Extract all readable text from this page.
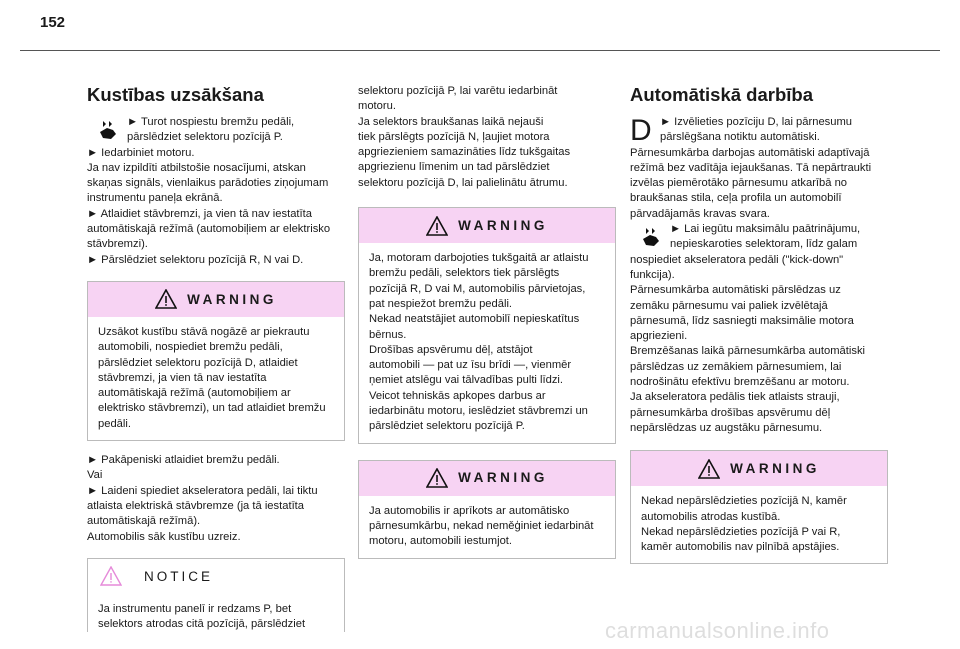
152
Kustības uzsākšana
► Turot nospiestu bremžu pedāli,
pārslēdziet selektoru pozīcijā P.
► Iedarbiniet motoru.
Ja nav izpildīti atbilstošie nosacījumi, atskan
skaņas signāls, vienlaikus parādoties ziņojumam
instrumentu paneļa ekrānā.
► Atlaidiet stāvbremzi, ja vien tā nav iestatīta
automātiskajā režīmā (automobiļiem ar elektrisko
stāvbremzi).
► Pārslēdziet selektoru pozīcijā R, N vai D.
WARNING
Uzsākot kustību stāvā nogāzē ar piekrautu
automobili, nospiediet bremžu pedāli,
pārslēdziet selektoru pozīcijā D, atlaidiet
stāvbremzi, ja vien tā nav iestatīta
automātiskajā režīmā (automobiļiem ar
elektrisko stāvbremzi), un tad atlaidiet bremžu
pedāli.
► Pakāpeniski atlaidiet bremžu pedāli.
Vai
► Laideni spiediet akseleratora pedāli, lai tiktu
atlaista elektriskā stāvbremze (ja tā iestatīta
automātiskajā režīmā).
Automobilis sāk kustību uzreiz.
NOTICE
Ja instrumentu panelī ir redzams P, bet
selektors atrodas citā pozīcijā, pārslēdziet
selektoru pozīcijā P, lai varētu iedarbināt
motoru.
Ja selektors braukšanas laikā nejauši
tiek pārslēgts pozīcijā N, ļaujiet motora
apgriezieniem samazināties līdz tukšgaitas
apgriezienu līmenim un tad pārslēdziet
selektoru pozīcijā D, lai palielinātu ātrumu.
WARNING
Ja, motoram darbojoties tukšgaitā ar atlaistu
bremžu pedāli, selektors tiek pārslēgts
pozīcijā R, D vai M, automobilis pārvietojas,
pat nespiežot bremžu pedāli.
Nekad neatstājiet automobilī nepieskatītus
bērnus.
Drošības apsvērumu dēļ, atstājot
automobili — pat uz īsu brīdi —, vienmēr
ņemiet atslēgu vai tālvadības pulti līdzi.
Veicot tehniskās apkopes darbus ar
iedarbinātu motoru, ieslēdziet stāvbremzi un
pārslēdziet selektoru pozīcijā P.
WARNING
Ja automobilis ir aprīkots ar automātisko
pārnesumkārbu, nekad neměģiniet iedarbināt
motoru, automobili iestumjot.
Automātiskā darbība
D ► Izvēlieties pozīciju D, lai pārnesumu
pārslēgšana notiktu automātiski.
Pārnesumkārba darbojas automātiski adaptīvajā
režīmā bez vadītāja iejaukšanas. Tā nepārtraukti
izvēlas piemērotāko pārnesumu atkarībā no
braukšanas stila, ceļa profila un automobilī
pārvadājamās kravas svara.
► Lai iegūtu maksimālu paātrinājumu,
nepieskaroties selektoram, līdz galam
nospiediet akseleratora pedāli ("kick-down"
funkcija).
Pārnesumkārba automātiski pārslēdzas uz
zemāku pārnesumu vai paliek izvēlētajā
pārnesumā, līdz sasniegti maksimālie motora
apgriezieni.
Bremzēšanas laikā pārnesumkārba automātiski
pārslēdzas uz zemākiem pārnesumiem, lai
nodrošinātu efektīvu bremzēšanu ar motoru.
Ja akseleratora pedālis tiek atlaists strauji,
pārnesumkārba drošības apsvērumu dēļ
nepārslēdzas uz augstāku pārnesumu.
WARNING
Nekad nepārslēdzieties pozīcijā N, kamēr
automobilis atrodas kustībā.
Nekad nepārslēdzieties pozīcijā P vai R,
kamēr automobilis nav pilnībā apstājies.
carmanualsonline.info
